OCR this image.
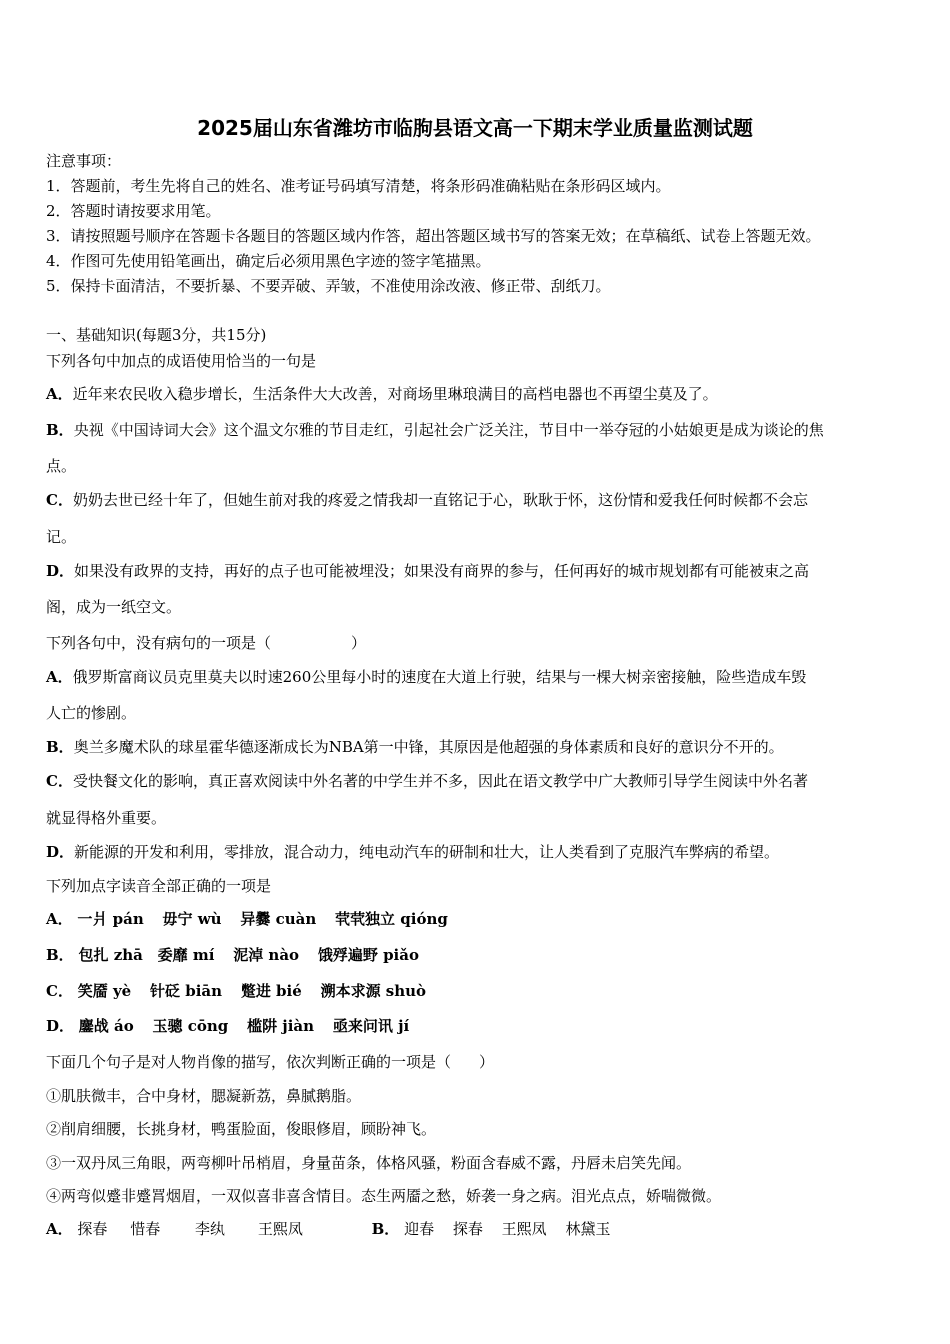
2025届山东省潍坊市临朐县语文高一下期末学业质量监测试题
注意事项：
1．答题前，考生先将自己的姓名、准考证号码填写清楚，将条形码准确粘贴在条形码区域内。
2．答题时请按要求用笔。
3．请按照题号顺序在答题卡各题目的答题区域内作答，超出答题区域书写的答案无效；在草稿纸、试卷上答题无效。
4．作图可先使用铅笔画出，确定后必须用黑色字迹的签字笔描黑。
5．保持卡面清洁，不要折暴、不要弄破、弄皱，不准使用涂改液、修正带、刮纸刀。
一、基础知识(每题3分，共15分)
下列各句中加点的成语使用恰当的一句是
A．近年来农民收入稳步增长，生活条件大大改善，对商场里琳琅满目的高档电器也不再望尘莫及了。
B．央视《中国诗词大会》这个温文尔雅的节目走红，引起社会广泛关注，节目中一举夺冠的小姑娘更是成为谈论的焦
点。
C．奶奶去世已经十年了，但她生前对我的疼爱之情我却一直铭记于心，耿耿于怀，这份情和爱我任何时候都不会忘
记。
D．如果没有政界的支持，再好的点子也可能被埋没；如果没有商界的参与，任何再好的城市规划都有可能被束之高
阁，成为一纸空文。
下列各句中，没有病句的一项是（	）
A．俄罗斯富商议员克里莫夫以时速260公里每小时的速度在大道上行驶，结果与一棵大树亲密接触，险些造成车毁
人亡的惨剧。
B．奥兰多魔术队的球星霍华德逐渐成长为NBA第一中锋，其原因是他超强的身体素质和良好的意识分不开的。
C．受快餐文化的影响，真正喜欢阅读中外名著的中学生并不多，因此在语文教学中广大教师引导学生阅读中外名著
就显得格外重要。
D．新能源的开发和利用，零排放，混合动力，纯电动汽车的研制和壮大，让人类看到了克服汽车弊病的希望。
下列加点字读音全部正确的一项是
A． 一爿 pán 毋宁 wù 异爨 cuàn 茕茕独立 qióng
B． 包扎 zhā 委靡 mí 泥淖 nào 饿殍遍野 piǎo
C． 笑靥 yè 针砭 biān 蹩进 bié 溯本求源 shuò
D． 鏖战 áo 玉骢 cōng 槛阱 jiàn 亟来问讯 jí
下面几个句子是对人物肖像的描写，依次判断正确的一项是（ ）
①肌肤微丰，合中身材，腮凝新荔，鼻腻鹅脂。
②削肩细腰，长挑身材，鸭蛋脸面，俊眼修眉，顾盼神飞。
③一双丹凤三角眼，两弯柳叶吊梢眉，身量苗条，体格风骚，粉面含春威不露，丹唇未启笑先闻。
④两弯似蹙非蹙罥烟眉，一双似喜非喜含情目。态生两靥之愁，娇袭一身之病。泪光点点，娇喘微微。
A． 探春 惜春 李纨 王熙凤	B． 迎春 探春 王熙凤 林黛玉
